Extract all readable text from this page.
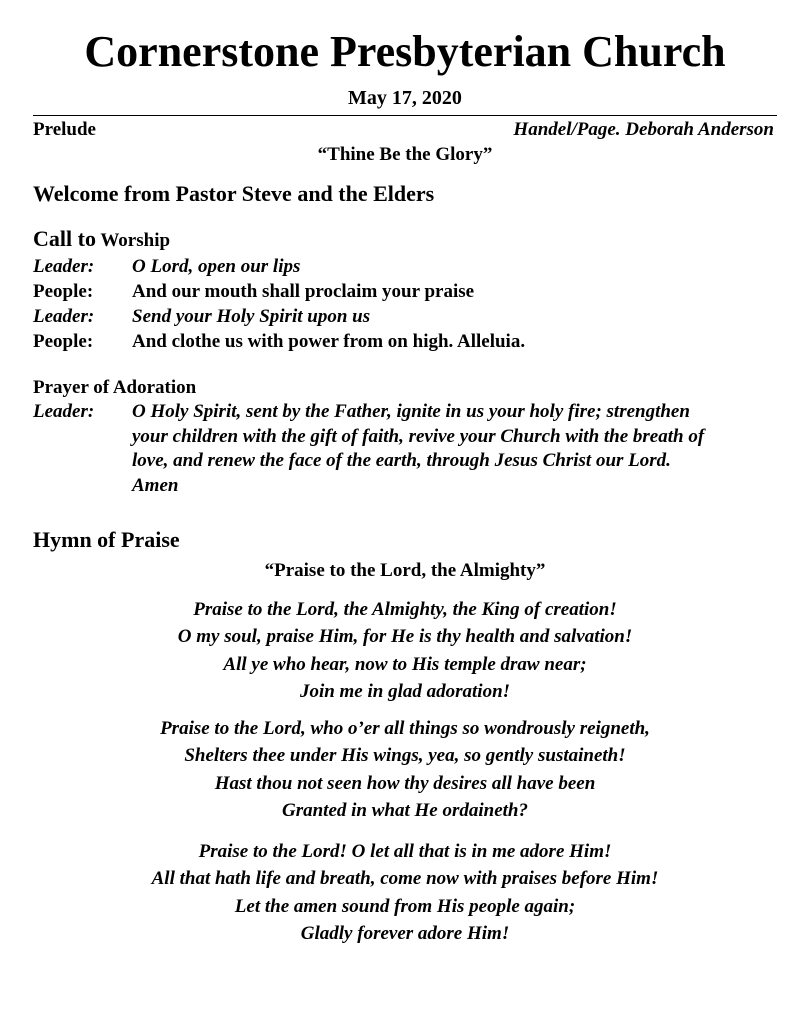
Cornerstone Presbyterian Church
May 17, 2020
Prelude	Handel/Page. Deborah Anderson
“Thine Be the Glory”
Welcome from Pastor Steve and the Elders
Call to Worship
Leader:	O Lord, open our lips
People:	And our mouth shall proclaim your praise
Leader:	Send your Holy Spirit upon us
People:	And clothe us with power from on high. Alleluia.
Prayer of Adoration
Leader:	O Holy Spirit, sent by the Father, ignite in us your holy fire; strengthen
your children with the gift of faith, revive your Church with the breath of
love, and renew the face of the earth, through Jesus Christ our Lord.
Amen
Hymn of Praise
“Praise to the Lord, the Almighty”
Praise to the Lord, the Almighty, the King of creation!
O my soul, praise Him, for He is thy health and salvation!
All ye who hear, now to His temple draw near;
Join me in glad adoration!
Praise to the Lord, who o’er all things so wondrously reigneth,
Shelters thee under His wings, yea, so gently sustaineth!
Hast thou not seen how thy desires all have been
Granted in what He ordaineth?
Praise to the Lord! O let all that is in me adore Him!
All that hath life and breath, come now with praises before Him!
Let the amen sound from His people again;
Gladly forever adore Him!
